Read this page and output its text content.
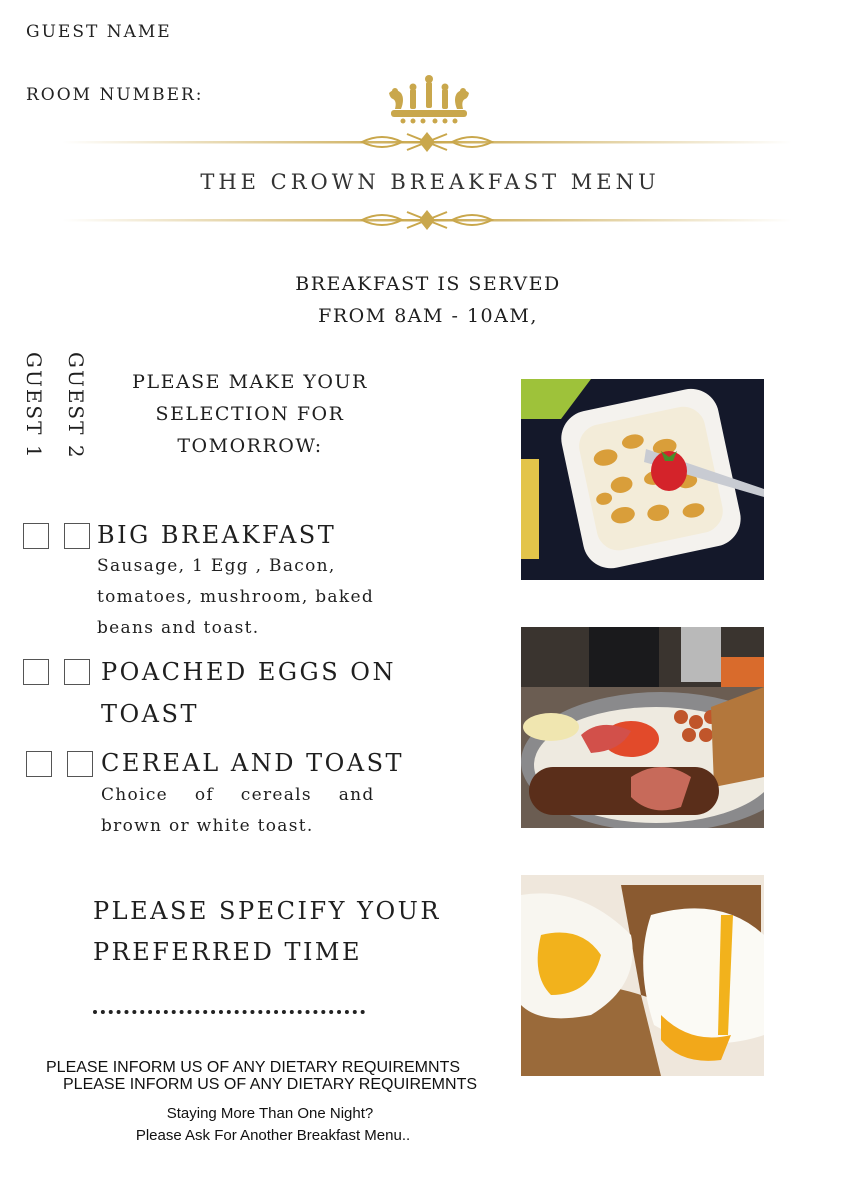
GUEST NAME
ROOM NUMBER:
THE CROWN BREAKFAST MENU
BREAKFAST IS SERVED
FROM 8AM - 10AM,
GUEST 1 GUEST 2	PLEASE MAKE YOUR
SELECTION FOR
TOMORROW:
BIG BREAKFAST
Sausage, 1 Egg , Bacon,
tomatoes, mushroom, baked
beans and toast.
POACHED EGGS ON
TOAST
CEREAL AND TOAST
Choice    of    cereals    and
brown or white toast.
PLEASE SPECIFY YOUR
PREFERRED TIME
PLEASE INFORM US OF ANY DIETARY REQUIREMNTS
PLEASE INFORM US OF ANY DIETARY REQUIREMNTS
Staying More Than One Night?
Please Ask For Another Breakfast Menu..
